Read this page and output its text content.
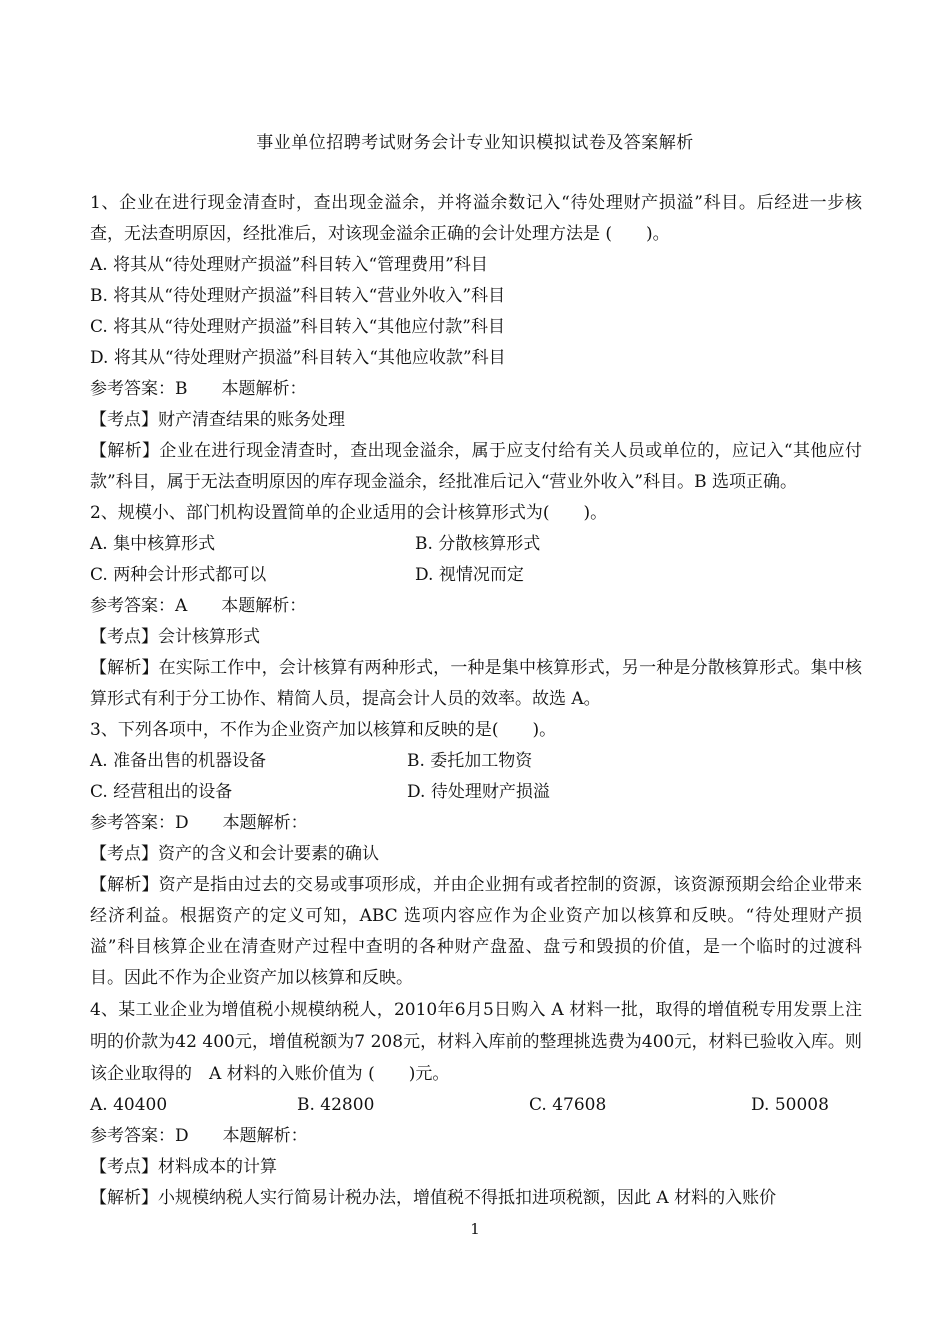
事业单位招聘考试财务会计专业知识模拟试卷及答案解析

1、企业在进行现金清查时，查出现金溢余，并将溢余数记入“待处理财产损溢”科目。后经进一步核查，无法查明原因，经批准后，对该现金溢余正确的会计处理方法是 (　　)。

A. 将其从“待处理财产损溢”科目转入“管理费用”科目

B. 将其从“待处理财产损溢”科目转入“营业外收入”科目

C. 将其从“待处理财产损溢”科目转入“其他应付款”科目

D. 将其从“待处理财产损溢”科目转入“其他应收款”科目

参考答案：B　　本题解析：

【考点】财产清查结果的账务处理

【解析】企业在进行现金清查时，查出现金溢余，属于应支付给有关人员或单位的，应记入“其他应付款”科目，属于无法查明原因的库存现金溢余，经批准后记入“营业外收入”科目。B 选项正确。

2、规模小、部门机构设置简单的企业适用的会计核算形式为(　　)。

A. 集中核算形式	B. 分散核算形式
C. 两种会计形式都可以	D. 视情况而定

参考答案：A　　本题解析：

【考点】会计核算形式

【解析】在实际工作中，会计核算有两种形式，一种是集中核算形式，另一种是分散核算形式。集中核算形式有利于分工协作、精简人员，提高会计人员的效率。故选 A。

3、下列各项中，不作为企业资产加以核算和反映的是(　　)。

A. 准备出售的机器设备	B. 委托加工物资
C. 经营租出的设备	D. 待处理财产损溢

参考答案：D　　本题解析：

【考点】资产的含义和会计要素的确认

【解析】资产是指由过去的交易或事项形成，并由企业拥有或者控制的资源，该资源预期会给企业带来经济利益。根据资产的定义可知，ABC 选项内容应作为企业资产加以核算和反映。“待处理财产损溢”科目核算企业在清查财产过程中查明的各种财产盘盈、盘亏和毁损的价值，是一个临时的过渡科目。因此不作为企业资产加以核算和反映。

4、某工业企业为增值税小规模纳税人，2010年6月5日购入 A 材料一批，取得的增值税专用发票上注明的价款为42 400元，增值税额为7 208元，材料入库前的整理挑选费为400元，材料已验收入库。则该企业取得的　A 材料的入账价值为 (　　)元。

A. 40400	B. 42800	C. 47608	D. 50008

参考答案：D　　本题解析：

【考点】材料成本的计算

【解析】小规模纳税人实行简易计税办法，增值税不得抵扣进项税额，因此 A 材料的入账价

1
